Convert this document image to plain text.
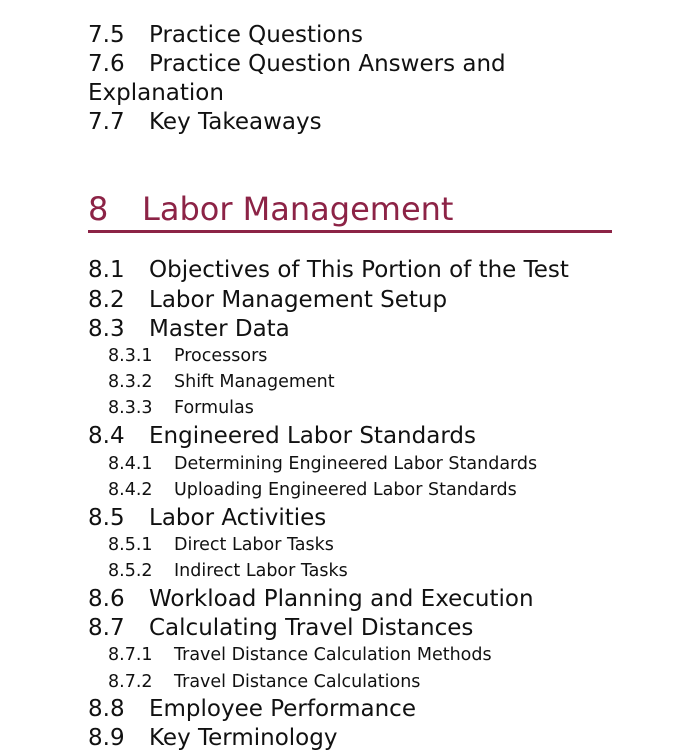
7.5 Practice Questions
7.6 Practice Question Answers and
Explanation
7.7 Key Takeaways
8 Labor Management
8.1 Objectives of This Portion of the Test
8.2 Labor Management Setup
8.3 Master Data
8.3.1 Processors
8.3.2 Shift Management
8.3.3 Formulas
8.4 Engineered Labor Standards
8.4.1 Determining Engineered Labor Standards
8.4.2 Uploading Engineered Labor Standards
8.5 Labor Activities
8.5.1 Direct Labor Tasks
8.5.2 Indirect Labor Tasks
8.6 Workload Planning and Execution
8.7 Calculating Travel Distances
8.7.1 Travel Distance Calculation Methods
8.7.2 Travel Distance Calculations
8.8 Employee Performance
8.9 Key Terminology
